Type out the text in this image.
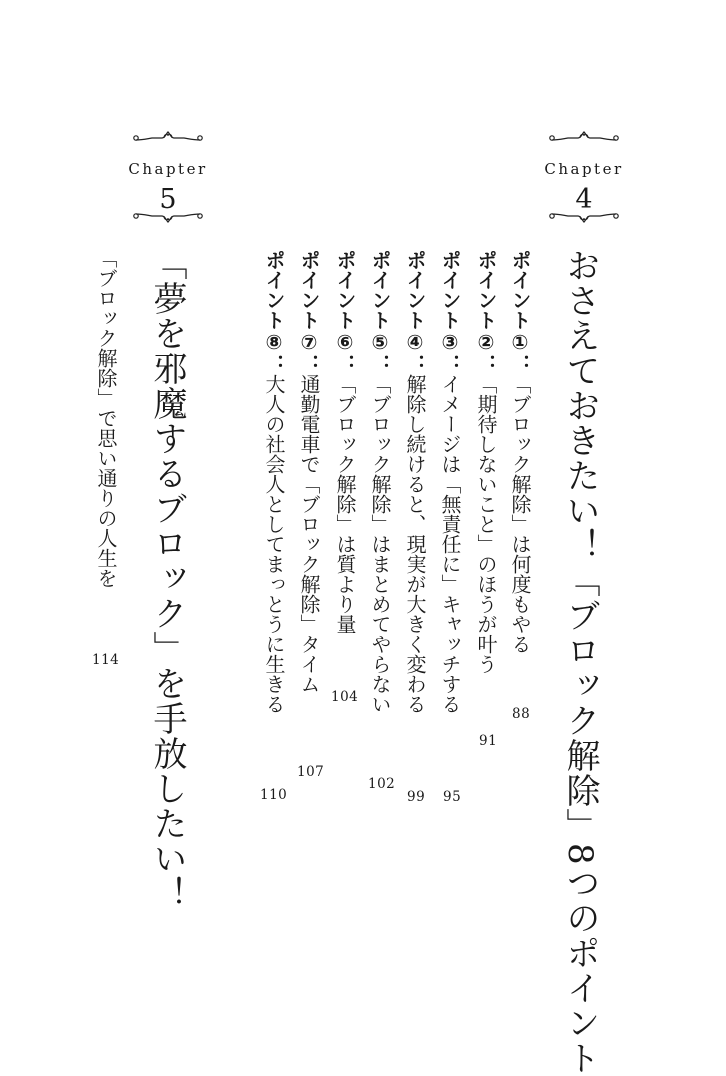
Chapter
4
おさえておきたい！「ブロック解除」8つのポイント
ポイント①：「ブロック解除」は何度もやる
88
ポイント②：「期待しないこと」のほうが叶う
91
ポイント③：イメージは「無責任に」キャッチする
95
ポイント④：解除し続けると、現実が大きく変わる
99
ポイント⑤：「ブロック解除」はまとめてやらない
102
ポイント⑥：「ブロック解除」は質より量
104
ポイント⑦：通勤電車で「ブロック解除」タイム
107
ポイント⑧：大人の社会人としてまっとうに生きる
110
Chapter
5
「夢を邪魔するブロック」を手放したい！
「ブロック解除」で思い通りの人生を
114
